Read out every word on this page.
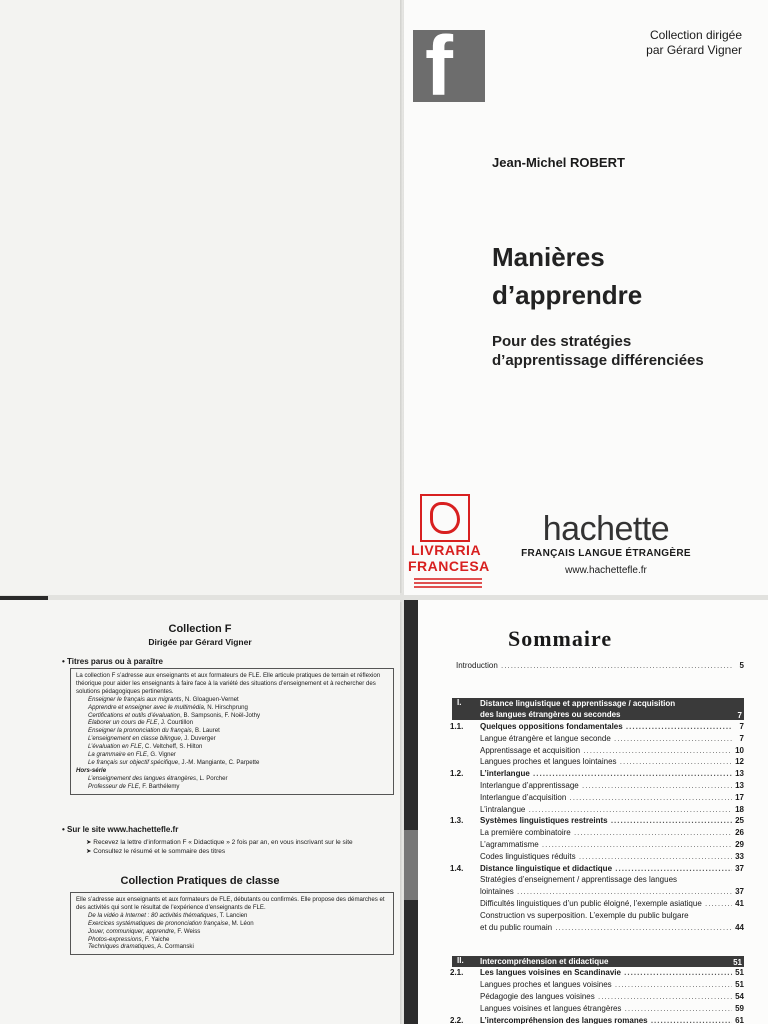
f	Collection dirigée
par Gérard Vigner
Jean-Michel ROBERT
Manières
d’apprendre
Pour des stratégies
d’apprentissage différenciées
LIVRARIA
FRANCESA
hachette
FRANÇAIS LANGUE ÉTRANGÈRE
www.hachettefle.fr
Collection F
Dirigée par Gérard Vigner
• Titres parus ou à paraître
La collection F s’adresse aux enseignants et aux formateurs de FLE. Elle articule pratiques de terrain et réflexion théorique pour aider les enseignants à faire face à la variété des situations d’enseignement et à rechercher des solutions pédagogiques pertinentes.
Enseigner le français aux migrants, N. Gloaguen-Vernet
Apprendre et enseigner avec le multimédia, N. Hirschprung
Certifications et outils d’évaluation, B. Sampsonis, F. Noël-Jothy
Élaborer un cours de FLE, J. Courtillon
Enseigner la prononciation du français, B. Lauret
L’enseignement en classe bilingue, J. Duverger
L’évaluation en FLE, C. Veltcheff, S. Hilton
La grammaire en FLE, G. Vigner
Le français sur objectif spécifique, J.-M. Mangiante, C. Parpette
Hors-série
L’enseignement des langues étrangères, L. Porcher
Professeur de FLE, F. Barthélemy
• Sur le site www.hachettefle.fr
➤ Recevez la lettre d’information F « Didactique » 2 fois par an, en vous inscrivant sur le site
➤ Consultez le résumé et le sommaire des titres
Collection Pratiques de classe
Elle s’adresse aux enseignants et aux formateurs de FLE, débutants ou confirmés. Elle propose des démarches et des activités qui sont le résultat de l’expérience d’enseignants de FLE.
De la vidéo à Internet : 80 activités thématiques, T. Lancien
Exercices systématiques de prononciation française, M. Léon
Jouer, communiquer, apprendre, F. Weiss
Photos-expressions, F. Yaiche
Techniques dramatiques, A. Cormanski
Sommaire
Introduction .....	5
I. Distance linguistique et apprentissage / acquisition
des langues étrangères ou secondes	7
1.1. Quelques oppositions fondamentales .....	7
Langue étrangère et langue seconde .....	7
Apprentissage et acquisition .....	10
Langues proches et langues lointaines .....	12
1.2. L’interlangue .....	13
Interlangue d’apprentissage .....	13
Interlangue d’acquisition .....	17
L’intralangue .....	18
1.3. Systèmes linguistiques restreints .....	25
La première combinatoire .....	26
L’agrammatisme .....	29
Codes linguistiques réduits .....	33
1.4. Distance linguistique et didactique .....	37
Stratégies d’enseignement / apprentissage des langues
lointaines .....	37
Difficultés linguistiques d’un public éloigné, l’exemple asiatique .....	41
Construction vs superposition. L’exemple du public bulgare
et du public roumain .....	44
II. Intercompréhension et didactique	51
2.1. Les langues voisines en Scandinavie .....	51
Langues proches et langues voisines .....	51
Pédagogie des langues voisines .....	54
Langues voisines et langues étrangères .....	59
2.2. L’intercompréhension des langues romanes .....	61
